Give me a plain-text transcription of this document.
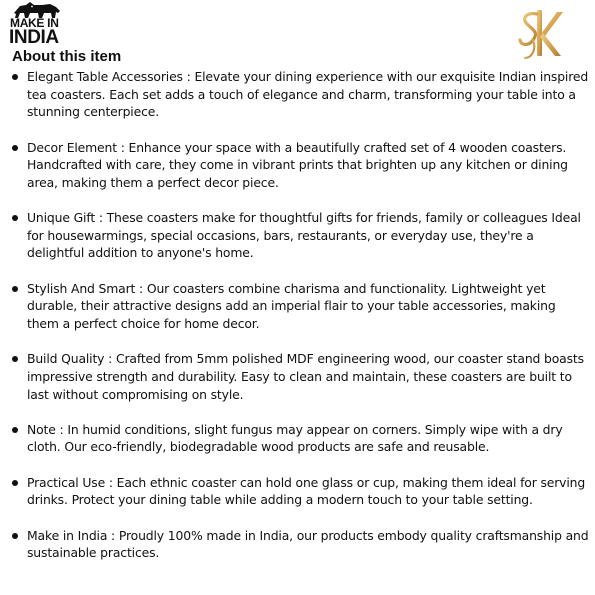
MAKE IN
INDIA
About this item
Elegant Table Accessories : Elevate your dining experience with our exquisite Indian inspired tea coasters. Each set adds a touch of elegance and charm, transforming your table into a stunning centerpiece.
Decor Element : Enhance your space with a beautifully crafted set of 4 wooden coasters. Handcrafted with care, they come in vibrant prints that brighten up any kitchen or dining area, making them a perfect decor piece.
Unique Gift : These coasters make for thoughtful gifts for friends, family or colleagues Ideal for housewarmings, special occasions, bars, restaurants, or everyday use, they're a delightful addition to anyone's home.
Stylish And Smart : Our coasters combine charisma and functionality. Lightweight yet durable, their attractive designs add an imperial flair to your table accessories, making them a perfect choice for home decor.
Build Quality : Crafted from 5mm polished MDF engineering wood, our coaster stand boasts impressive strength and durability. Easy to clean and maintain, these coasters are built to last without compromising on style.
Note : In humid conditions, slight fungus may appear on corners. Simply wipe with a dry cloth. Our eco-friendly, biodegradable wood products are safe and reusable.
Practical Use : Each ethnic coaster can hold one glass or cup, making them ideal for serving drinks. Protect your dining table while adding a modern touch to your table setting.
Make in India : Proudly 100% made in India, our products embody quality craftsmanship and sustainable practices.
